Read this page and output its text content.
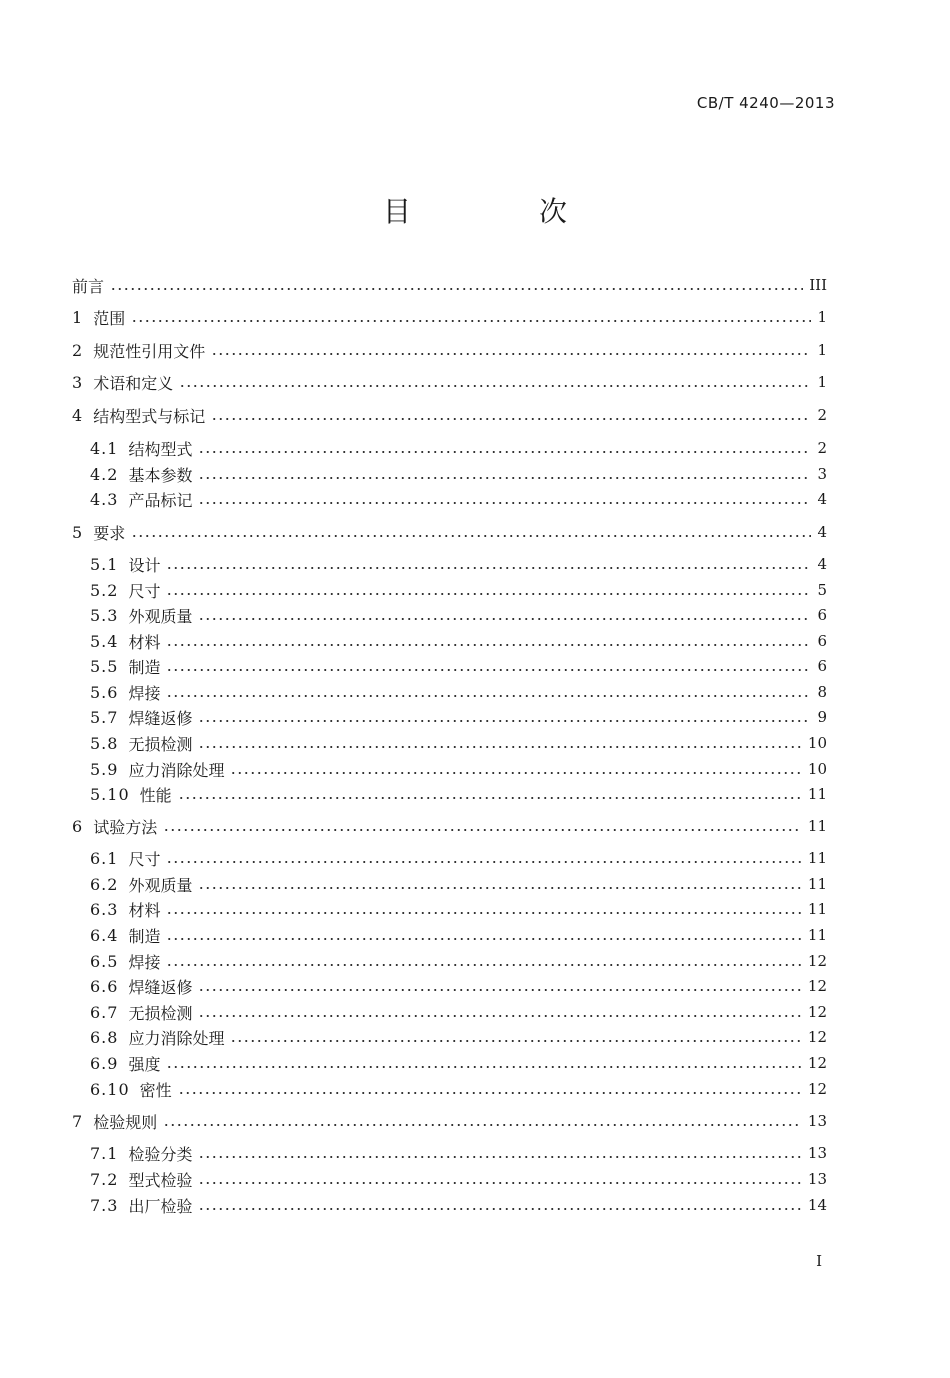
CB/T 4240—2013
目　次
前言	III
1 范围	1
2 规范性引用文件	1
3 术语和定义	1
4 结构型式与标记	2
4.1 结构型式	2
4.2 基本参数	3
4.3 产品标记	4
5 要求	4
5.1 设计	4
5.2 尺寸	5
5.3 外观质量	6
5.4 材料	6
5.5 制造	6
5.6 焊接	8
5.7 焊缝返修	9
5.8 无损检测	10
5.9 应力消除处理	10
5.10 性能	11
6 试验方法	11
6.1 尺寸	11
6.2 外观质量	11
6.3 材料	11
6.4 制造	11
6.5 焊接	12
6.6 焊缝返修	12
6.7 无损检测	12
6.8 应力消除处理	12
6.9 强度	12
6.10 密性	12
7 检验规则	13
7.1 检验分类	13
7.2 型式检验	13
7.3 出厂检验	14
I
